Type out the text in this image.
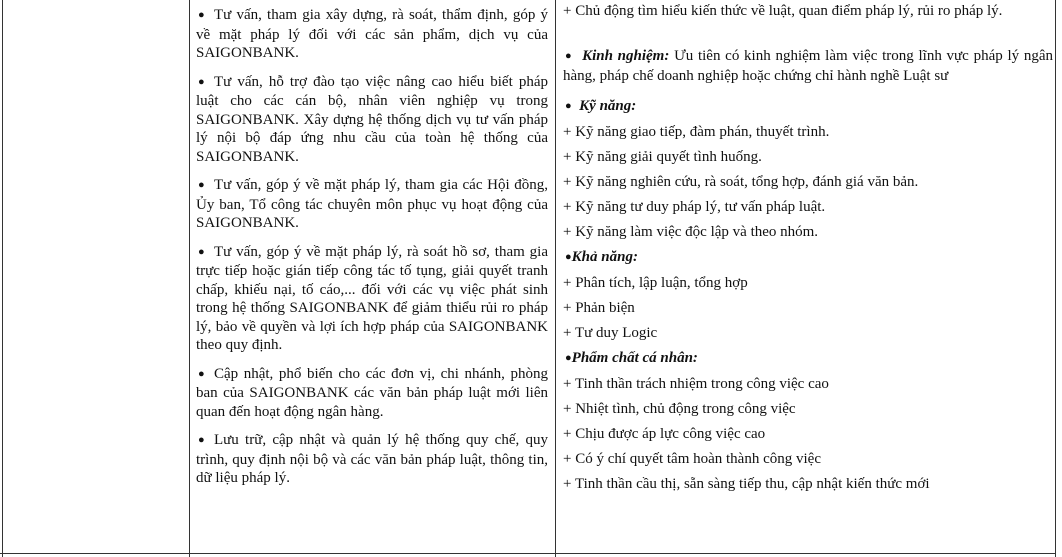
● Tư vấn, tham gia xây dựng, rà soát, thẩm định, góp ý về mặt pháp lý đối với các sản phẩm, dịch vụ của SAIGONBANK.

● Tư vấn, hỗ trợ đào tạo việc nâng cao hiểu biết pháp luật cho các cán bộ, nhân viên nghiệp vụ trong SAIGONBANK. Xây dựng hệ thống dịch vụ tư vấn pháp lý nội bộ đáp ứng nhu cầu của toàn hệ thống của SAIGONBANK.

● Tư vấn, góp ý về mặt pháp lý, tham gia các Hội đồng, Ủy ban, Tổ công tác chuyên môn phục vụ hoạt động của SAIGONBANK.

● Tư vấn, góp ý về mặt pháp lý, rà soát hồ sơ, tham gia trực tiếp hoặc gián tiếp công tác tố tụng, giải quyết tranh chấp, khiếu nại, tố cáo,... đối với các vụ việc phát sinh trong hệ thống SAIGONBANK để giảm thiểu rủi ro pháp lý, bảo về quyền và lợi ích hợp pháp của SAIGONBANK theo quy định.

● Cập nhật, phổ biến cho các đơn vị, chi nhánh, phòng ban của SAIGONBANK các văn bản pháp luật mới liên quan đến hoạt động ngân hàng.

● Lưu trữ, cập nhật và quản lý hệ thống quy chế, quy trình, quy định nội bộ và các văn bản pháp luật, thông tin, dữ liệu pháp lý.

+ Chủ động tìm hiểu kiến thức về luật, quan điểm pháp lý, rủi ro pháp lý.
● Kinh nghiệm: Ưu tiên có kinh nghiệm làm việc trong lĩnh vực pháp lý ngân hàng, pháp chế doanh nghiệp hoặc chứng chỉ hành nghề Luật sư
● Kỹ năng:
+ Kỹ năng giao tiếp, đàm phán, thuyết trình.
+ Kỹ năng giải quyết tình huống.
+ Kỹ năng nghiên cứu, rà soát, tổng hợp, đánh giá văn bản.
+ Kỹ năng tư duy pháp lý, tư vấn pháp luật.
+ Kỹ năng làm việc độc lập và theo nhóm.
●Khả năng:
+ Phân tích, lập luận, tổng hợp
+ Phản biện
+ Tư duy Logic
●Phẩm chất cá nhân:
+ Tinh thần trách nhiệm trong công việc cao
+ Nhiệt tình, chủ động trong công việc
+ Chịu được áp lực công việc cao
+ Có ý chí quyết tâm hoàn thành công việc
+ Tinh thần cầu thị, sẵn sàng tiếp thu, cập nhật kiến thức mới
